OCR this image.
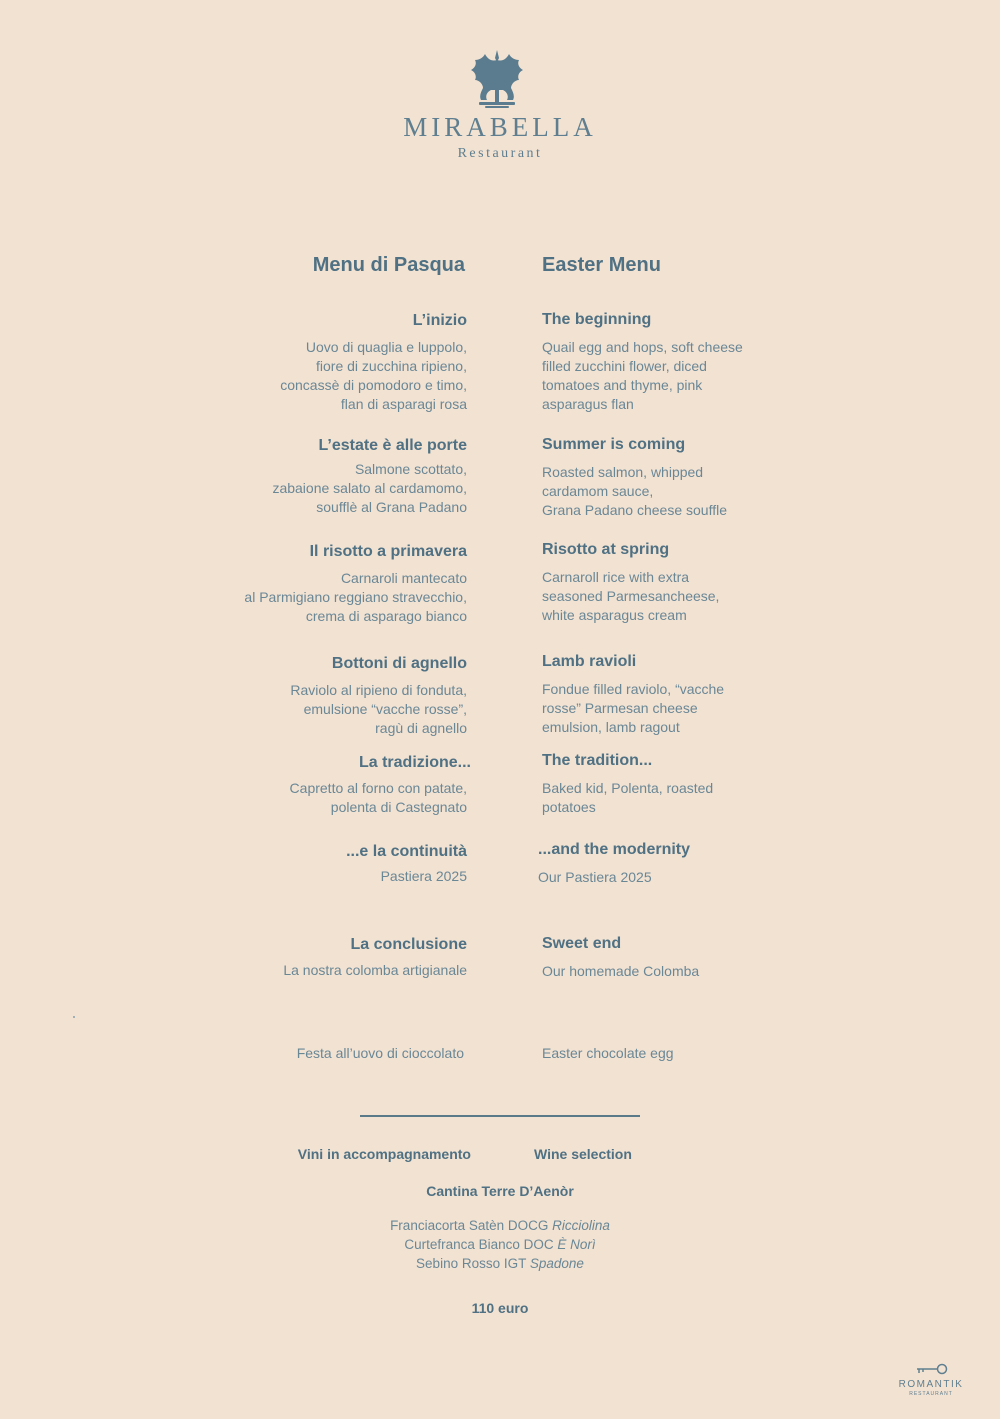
MIRABELLA
Restaurant
Menu di Pasqua	Easter Menu
L’inizio
Uovo di quaglia e luppolo,
fiore di zucchina ripieno,
concassè di pomodoro e timo,
flan di asparagi rosa
The beginning
Quail egg and hops, soft cheese
filled zucchini flower, diced
tomatoes and thyme, pink
asparagus flan
L’estate è alle porte
Salmone scottato,
zabaione salato al cardamomo,
soufflè al Grana Padano
Summer is coming
Roasted salmon, whipped
cardamom sauce,
Grana Padano cheese souffle
Il risotto a primavera
Carnaroli mantecato
al Parmigiano reggiano stravecchio,
crema di asparago bianco
Risotto at spring
Carnaroll rice with extra
seasoned Parmesancheese,
white asparagus cream
Bottoni di agnello
Raviolo al ripieno di fonduta,
emulsione “vacche rosse”,
ragù di agnello
Lamb ravioli
Fondue filled raviolo, “vacche
rosse” Parmesan cheese
emulsion, lamb ragout
La tradizione...
Capretto al forno con patate,
polenta di Castegnato
The tradition...
Baked kid, Polenta, roasted
potatoes
...e la continuità
Pastiera 2025
...and the modernity
Our Pastiera 2025
La conclusione
La nostra colomba artigianale
Sweet end
Our homemade Colomba
Festa all’uovo di cioccolato	Easter chocolate egg
Vini in accompagnamento	Wine selection
Cantina Terre D’Aenòr
Franciacorta Satèn DOCG Ricciolina
Curtefranca Bianco DOC È Norì
Sebino Rosso IGT Spadone
110 euro
ROMANTIK
RESTAURANT
